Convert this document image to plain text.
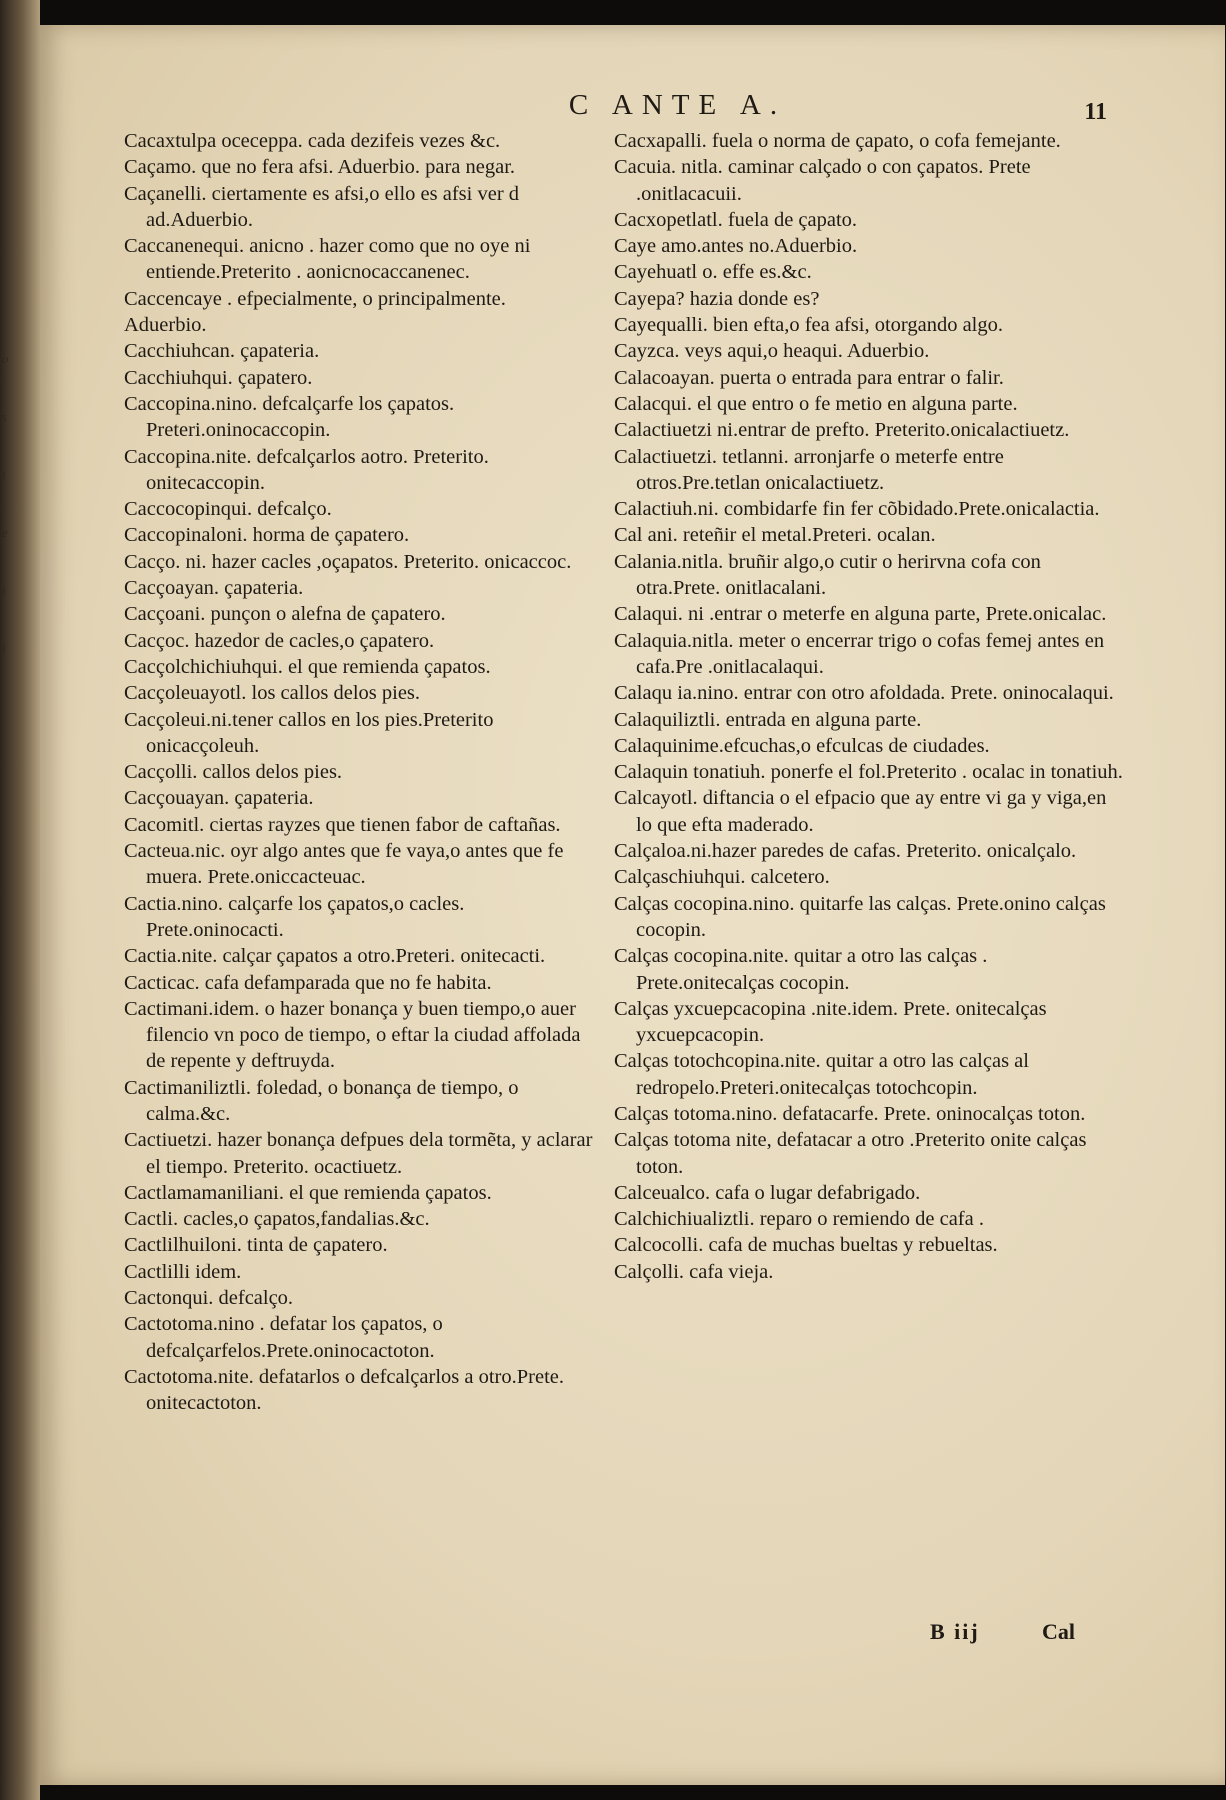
o
s
t
e
i
l
C ANTE A.	11
Cacaxtulpa oceceppa. cada dezifeis vezes &c.
Caçamo. que no fera afsi. Aduerbio. para negar.
Caçanelli. ciertamente es afsi,o ello es afsi ver d ad.Aduerbio.
Caccanenequi. anicno . hazer como que no oye ni entiende.Preterito . aonicnocaccanenec.
Caccencaye . efpecialmente, o principalmente.
Aduerbio.
Cacchiuhcan. çapateria.
Cacchiuhqui. çapatero.
Caccopina.nino. defcalçarfe los çapatos. Preteri.oninocaccopin.
Caccopina.nite. defcalçarlos aotro. Preterito. onitecaccopin.
Caccocopinqui. defcalço.
Caccopinaloni. horma de çapatero.
Cacço. ni. hazer cacles ,oçapatos. Preterito. onicaccoc.
Cacçoayan. çapateria.
Cacçoani. punçon o alefna de çapatero.
Cacçoc. hazedor de cacles,o çapatero.
Cacçolchichiuhqui. el que remienda çapatos.
Cacçoleuayotl. los callos delos pies.
Cacçoleui.ni.tener callos en los pies.Preterito onicacçoleuh.
Cacçolli. callos delos pies.
Cacçouayan. çapateria.
Cacomitl. ciertas rayzes que tienen fabor de caftañas.
Cacteua.nic. oyr algo antes que fe vaya,o antes que fe muera. Prete.oniccacteuac.
Cactia.nino. calçarfe los çapatos,o cacles. Prete.oninocacti.
Cactia.nite. calçar çapatos a otro.Preteri. onitecacti.
Cacticac. cafa defamparada que no fe habita.
Cactimani.idem. o hazer bonança y buen tiempo,o auer filencio vn poco de tiempo, o eftar la ciudad affolada de repente y deftruyda.
Cactimaniliztli. foledad, o bonança de tiempo, o calma.&c.
Cactiuetzi. hazer bonança defpues dela tormẽta, y aclarar el tiempo. Preterito. ocactiuetz.
Cactlamamaniliani. el que remienda çapatos.
Cactli. cacles,o çapatos,fandalias.&c.
Cactlilhuiloni. tinta de çapatero.
Cactlilli idem.
Cactonqui. defcalço.
Cactotoma.nino . defatar los çapatos, o defcalçarfelos.Prete.oninocactoton.
Cactotoma.nite. defatarlos o defcalçarlos a otro.Prete. onitecactoton.
Cacxapalli. fuela o norma de çapato, o cofa femejante.
Cacuia. nitla. caminar calçado o con çapatos. Prete .onitlacacuii.
Cacxopetlatl. fuela de çapato.
Caye amo.antes no.Aduerbio.
Cayehuatl o. effe es.&c.
Cayepa? hazia donde es?
Cayequalli. bien efta,o fea afsi, otorgando algo.
Cayzca. veys aqui,o heaqui. Aduerbio.
Calacoayan. puerta o entrada para entrar o falir.
Calacqui. el que entro o fe metio en alguna parte.
Calactiuetzi ni.entrar de prefto. Preterito.onicalactiuetz.
Calactiuetzi. tetlanni. arronjarfe o meterfe entre otros.Pre.tetlan onicalactiuetz.
Calactiuh.ni. combidarfe fin fer cõbidado.Prete.onicalactia.
Cal ani. reteñir el metal.Preteri. ocalan.
Calania.nitla. bruñir algo,o cutir o herirvna cofa con otra.Prete. onitlacalani.
Calaqui. ni .entrar o meterfe en alguna parte, Prete.onicalac.
Calaquia.nitla. meter o encerrar trigo o cofas femej antes en cafa.Pre .onitlacalaqui.
Calaqu ia.nino. entrar con otro afoldada. Prete. oninocalaqui.
Calaquiliztli. entrada en alguna parte.
Calaquinime.efcuchas,o efculcas de ciudades.
Calaquin tonatiuh. ponerfe el fol.Preterito . ocalac in tonatiuh.
Calcayotl. diftancia o el efpacio que ay entre vi ga y viga,en lo que efta maderado.
Calçaloa.ni.hazer paredes de cafas. Preterito. onicalçalo.
Calçaschiuhqui. calcetero.
Calças cocopina.nino. quitarfe las calças. Prete.onino calças cocopin.
Calças cocopina.nite. quitar a otro las calças . Prete.onitecalças cocopin.
Calças yxcuepcacopina .nite.idem. Prete. onitecalças yxcuepcacopin.
Calças totochcopina.nite. quitar a otro las calças al redropelo.Preteri.onitecalças totochcopin.
Calças totoma.nino. defatacarfe. Prete. oninocalças toton.
Calças totoma nite, defatacar a otro .Preterito onite calças toton.
Calceualco. cafa o lugar defabrigado.
Calchichiualiztli. reparo o remiendo de cafa .
Calcocolli. cafa de muchas bueltas y rebueltas.
Calçolli. cafa vieja.
B iij	Cal
